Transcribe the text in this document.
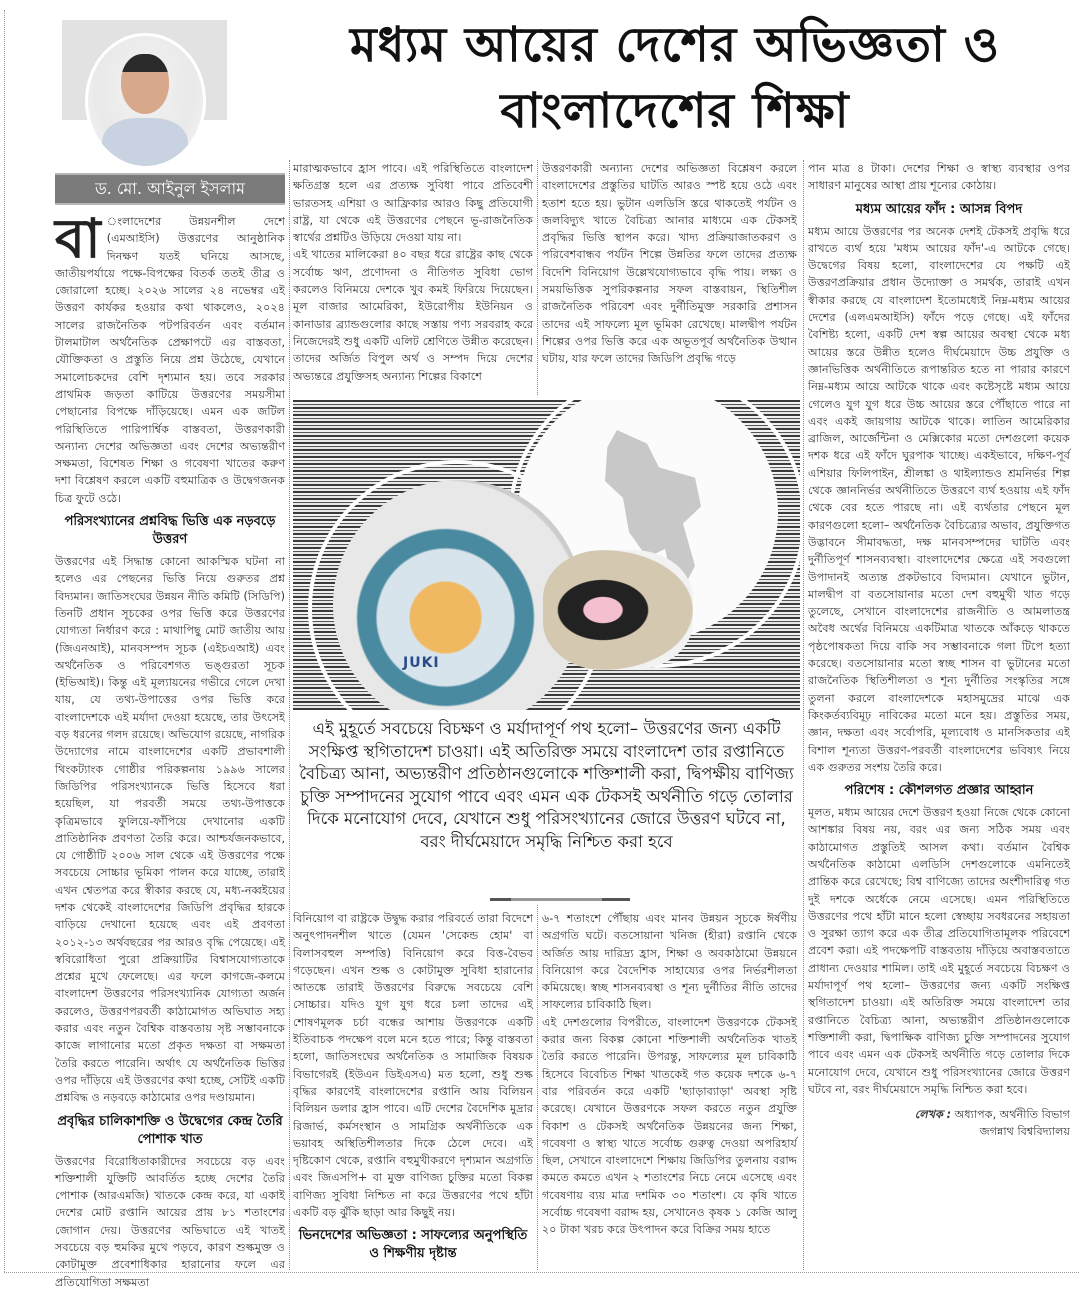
মধ্যম আয়ের দেশের অভিজ্ঞতা ও
বাংলাদেশের শিক্ষা
ড. মো. আইনুল ইসলাম

বা ংলাদেশের উন্নয়নশীল দেশে (এমআইসি) উত্তরণের আনুষ্ঠানিক দিনক্ষণ যতই ঘনিয়ে আসছে, জাতীয়পর্যায়ে পক্ষে-বিপক্ষের বিতর্ক ততই তীব্র ও জোরালো হচ্ছে। ২০২৬ সালের ২৪ নভেম্বর এই উত্তরণ কার্যকর হওয়ার কথা থাকলেও, ২০২৪ সালের রাজনৈতিক পটপরিবর্তন এবং বর্তমান টালমাটাল অর্থনৈতিক প্রেক্ষাপটে এর বাস্তবতা, যৌক্তিকতা ও প্রস্তুতি নিয়ে প্রশ্ন উঠেছে, যেখানে সমালোচকদের বেশি দৃশ্যমান হয়। তবে সরকার প্রাথমিক জড়তা কাটিয়ে উত্তরণের সময়সীমা পেছানোর বিপক্ষে দাঁড়িয়েছে। এমন এক জটিল পরিস্থিতিতে পারিপার্শ্বিক বাস্তবতা, উত্তরণকারী অন্যান্য দেশের অভিজ্ঞতা এবং দেশের অভ্যন্তরীণ সক্ষমতা, বিশেষত শিক্ষা ও গবেষণা খাতের করুণ দশা বিশ্লেষণ করলে একটি বহুমাত্রিক ও উদ্বেগজনক চিত্র ফুটে ওঠে।

পরিসংখ্যানের প্রশ্নবিদ্ধ ভিত্তি এক নড়বড়ে উত্তরণ

উত্তরণের এই সিদ্ধান্ত কোনো আকস্মিক ঘটনা না হলেও এর পেছনের ভিত্তি নিয়ে গুরুতর প্রশ্ন বিদ্যমান। জাতিসংঘের উন্নয়ন নীতি কমিটি (সিডিপি) তিনটি প্রধান সূচকের ওপর ভিত্তি করে উত্তরণের যোগ্যতা নির্ধারণ করে : মাথাপিছু মোট জাতীয় আয় (জিএনআই), মানবসম্পদ সূচক (এইচএআই) এবং অর্থনৈতিক ও পরিবেশগত ভঙ্গুরতা সূচক (ইভিআই)। কিন্তু এই মূল্যায়নের গভীরে গেলে দেখা যায়, যে তথ্য-উপাত্তের ওপর ভিত্তি করে বাংলাদেশকে এই মর্যাদা দেওয়া হয়েছে, তার উৎসেই বড় ধরনের গলদ রয়েছে। অভিযোগ রয়েছে, নাগরিক উদ্যোগের নামে বাংলাদেশের একটি প্রভাবশালী থিংকট্যাংক গোষ্ঠীর পরিকল্পনায় ১৯৯৬ সালের জিডিপির পরিসংখ্যানকে ভিত্তি হিসেবে ধরা হয়েছিল, যা পরবর্তী সময়ে তথ্য-উপাত্তকে কৃত্রিমভাবে ফুলিয়ে-ফাঁপিয়ে দেখানোর একটি প্রাতিষ্ঠানিক প্রবণতা তৈরি করে। আশ্চর্যজনকভাবে, যে গোষ্ঠীটি ২০০৬ সাল থেকে এই উত্তরণের পক্ষে সবচেয়ে সোচ্চার ভূমিকা পালন করে যাচ্ছে, তারাই এখন শ্বেতপত্র করে স্বীকার করছে যে, মধ্য-নব্বইয়ের দশক থেকেই বাংলাদেশের জিডিপি প্রবৃদ্ধির হারকে বাড়িয়ে দেখানো হয়েছে এবং এই প্রবণতা ২০১২-১৩ অর্থবছরের পর আরও বৃদ্ধি পেয়েছে। এই স্ববিরোধিতা পুরো প্রক্রিয়াটির বিশ্বাসযোগ্যতাকে প্রশ্নের মুখে ফেলেছে। এর ফলে কাগজে-কলমে বাংলাদেশ উত্তরণের পরিসংখ্যানিক যোগ্যতা অর্জন করলেও, উত্তরণপরবর্তী কাঠামোগত অভিঘাত সহ্য করার এবং নতুন বৈশ্বিক বাস্তবতায় সৃষ্ট সম্ভাবনাকে কাজে লাগানোর মতো প্রকৃত দক্ষতা বা সক্ষমতা তৈরি করতে পারেনি। অর্থাৎ যে অর্থনৈতিক ভিত্তির ওপর দাঁড়িয়ে এই উত্তরণের কথা হচ্ছে, সেটিই একটি প্রশ্নবিদ্ধ ও নড়বড়ে কাঠামোর ওপর দণ্ডায়মান।

প্রবৃদ্ধির চালিকাশক্তি ও উদ্বেগের কেন্দ্র তৈরি পোশাক খাত

উত্তরণের বিরোধিতাকারীদের সবচেয়ে বড় এবং শক্তিশালী যুক্তিটি আবর্তিত হচ্ছে দেশের তৈরি পোশাক (আরএমজি) খাতকে কেন্দ্র করে, যা একাই দেশের মোট রপ্তানি আয়ের প্রায় ৮১ শতাংশের জোগান দেয়। উত্তরণের অভিঘাতে এই খাতই সবচেয়ে বড় হুমকির মুখে পড়বে, কারণ শুল্কমুক্ত ও কোটামুক্ত প্রবেশাধিকার হারানোর ফলে এর প্রতিযোগিতা সক্ষমতা

মারাত্মকভাবে হ্রাস পাবে। এই পরিস্থিতিতে বাংলাদেশ ক্ষতিগ্রস্ত হলে এর প্রত্যক্ষ সুবিধা পাবে প্রতিবেশী ভারতসহ এশিয়া ও আফ্রিকার আরও কিছু প্রতিযোগী রাষ্ট্র, যা থেকে এই উত্তরণের পেছনে ভূ-রাজনৈতিক স্বার্থের প্রশ্নটিও উড়িয়ে দেওয়া যায় না।

এই খাতের মালিকেরা ৪০ বছর ধরে রাষ্ট্রের কাছ থেকে সর্বোচ্চ ঋণ, প্রণোদনা ও নীতিগত সুবিধা ভোগ করলেও বিনিময়ে দেশকে খুব কমই ফিরিয়ে দিয়েছেন। মূল বাজার আমেরিকা, ইউরোপীয় ইউনিয়ন ও কানাডার ব্র্যান্ডগুলোর কাছে সস্তায় পণ্য সরবরাহ করে নিজেদেরই শুধু একটি এলিট শ্রেণিতে উন্নীত করেছেন। তাদের অর্জিত বিপুল অর্থ ও সম্পদ দিয়ে দেশের অভ্যন্তরে প্রযুক্তিসহ অন্যান্য শিল্পের বিকাশে

উত্তরণকারী অন্যান্য দেশের অভিজ্ঞতা বিশ্লেষণ করলে বাংলাদেশের প্রস্তুতির ঘাটতি আরও স্পষ্ট হয়ে ওঠে এবং হতাশ হতে হয়। ভুটান এলডিসি স্তরে থাকতেই পর্যটন ও জলবিদ্যুৎ খাতে বৈচিত্র্য আনার মাধ্যমে এক টেকসই প্রবৃদ্ধির ভিত্তি স্থাপন করে। খাদ্য প্রক্রিয়াজাতকরণ ও পরিবেশবান্ধব পর্যটন শিল্পে উন্নতির ফলে তাদের প্রত্যক্ষ বিদেশি বিনিয়োগ উল্লেখযোগ্যভাবে বৃদ্ধি পায়। লক্ষ্য ও সময়ভিত্তিক সুপরিকল্পনার সফল বাস্তবায়ন, স্থিতিশীল রাজনৈতিক পরিবেশ এবং দুর্নীতিমুক্ত সরকারি প্রশাসন তাদের এই সাফল্যে মূল ভূমিকা রেখেছে। মালদ্বীপ পর্যটন শিল্পের ওপর ভিত্তি করে এক অভূতপূর্ব অর্থনৈতিক উত্থান ঘটায়, যার ফলে তাদের জিডিপি প্রবৃদ্ধি গড়ে

JUKI
এই মুহূর্তে সবচেয়ে বিচক্ষণ ও মর্যাদাপূর্ণ পথ হলো– উত্তরণের জন্য একটি সংক্ষিপ্ত স্থগিতাদেশ চাওয়া। এই অতিরিক্ত সময়ে বাংলাদেশ তার রপ্তানিতে বৈচিত্র্য আনা, অভ্যন্তরীণ প্রতিষ্ঠানগুলোকে শক্তিশালী করা, দ্বিপক্ষীয় বাণিজ্য চুক্তি সম্পাদনের সুযোগ পাবে এবং এমন এক টেকসই অর্থনীতি গড়ে তোলার দিকে মনোযোগ দেবে, যেখানে শুধু পরিসংখ্যানের জোরে উত্তরণ ঘটবে না, বরং দীর্ঘমেয়াদে সমৃদ্ধি নিশ্চিত করা হবে

বিনিয়োগ বা রাষ্ট্রকে উদ্বুদ্ধ করার পরিবর্তে তারা বিদেশে অনুৎপাদনশীল খাতে (যেমন 'সেকেন্ড হোম' বা বিলাসবহুল সম্পত্তি) বিনিয়োগ করে বিত্ত-বৈভব গড়েছেন। এখন শুল্ক ও কোটামুক্ত সুবিধা হারানোর আতঙ্কে তারাই উত্তরণের বিরুদ্ধে সবচেয়ে বেশি সোচ্চার। যদিও যুগ যুগ ধরে চলা তাদের এই শোষণমূলক চর্চা বন্ধের আশায় উত্তরণকে একটি ইতিবাচক পদক্ষেপ বলে মনে হতে পারে; কিন্তু বাস্তবতা হলো, জাতিসংঘের অর্থনৈতিক ও সামাজিক বিষয়ক বিভাগেরই (ইউএন ডিইএসএ) মত হলো, শুধু শুল্ক বৃদ্ধির কারণেই বাংলাদেশের রপ্তানি আয় বিলিয়ন বিলিয়ন ডলার হ্রাস পাবে। এটি দেশের বৈদেশিক মুদ্রার রিজার্ভ, কর্মসংস্থান ও সামগ্রিক অর্থনীতিকে এক ভয়াবহ অস্থিতিশীলতার দিকে ঠেলে দেবে। এই দৃষ্টিকোণ থেকে, রপ্তানি বহুমুখীকরণে দৃশ্যমান অগ্রগতি এবং জিএসপি+ বা মুক্ত বাণিজ্য চুক্তির মতো বিকল্প বাণিজ্য সুবিধা নিশ্চিত না করে উত্তরণের পথে হাঁটা একটি বড় ঝুঁকি ছাড়া আর কিছুই নয়।

ভিনদেশের অভিজ্ঞতা : সাফল্যের অনুপস্থিতি ও শিক্ষণীয় দৃষ্টান্ত

৬-৭ শতাংশে পৌঁছায় এবং মানব উন্নয়ন সূচকে ঈর্ষণীয় অগ্রগতি ঘটে। বতসোয়ানা খনিজ (হীরা) রপ্তানি থেকে অর্জিত আয় দারিদ্র্য হ্রাস, শিক্ষা ও অবকাঠামো উন্নয়নে বিনিয়োগ করে বৈদেশিক সাহায্যের ওপর নির্ভরশীলতা কমিয়েছে। স্বচ্ছ শাসনব্যবস্থা ও শূন্য দুর্নীতির নীতি তাদের সাফল্যের চাবিকাঠি ছিল।

এই দেশগুলোর বিপরীতে, বাংলাদেশ উত্তরণকে টেকসই করার জন্য বিকল্প কোনো শক্তিশালী অর্থনৈতিক খাতই তৈরি করতে পারেনি। উপরন্তু, সাফল্যের মূল চাবিকাঠি হিসেবে বিবেচিত শিক্ষা খাতকেই গত কয়েক দশকে ৬-৭ বার পরিবর্তন করে একটি 'ছ্যাড়াব্যাড়া' অবস্থা সৃষ্টি করেছে। যেখানে উত্তরণকে সফল করতে নতুন প্রযুক্তি বিকাশ ও টেকসই অর্থনৈতিক উন্নয়নের জন্য শিক্ষা, গবেষণা ও স্বাস্থ্য খাতে সর্বোচ্চ গুরুত্ব দেওয়া অপরিহার্য ছিল, সেখানে বাংলাদেশে শিক্ষায় জিডিপির তুলনায় বরাদ্দ কমতে কমতে এখন ২ শতাংশের নিচে নেমে এসেছে এবং গবেষণায় ব্যয় মাত্র দশমিক ৩০ শতাংশ। যে কৃষি খাতে সর্বোচ্চ গবেষণা বরাদ্দ হয়, সেখানেও কৃষক ১ কেজি আলু ২০ টাকা খরচ করে উৎপাদন করে বিক্রির সময় হাতে

পান মাত্র ৪ টাকা। দেশের শিক্ষা ও স্বাস্থ্য ব্যবস্থার ওপর সাধারণ মানুষের আস্থা প্রায় শূন্যের কোঠায়।

মধ্যম আয়ের ফাঁদ : আসন্ন বিপদ

মধ্যম আয়ে উত্তরণের পর অনেক দেশই টেকসই প্রবৃদ্ধি ধরে রাখতে ব্যর্থ হয়ে 'মধ্যম আয়ের ফাঁদ'-এ আটকে গেছে। উদ্বেগের বিষয় হলো, বাংলাদেশের যে পক্ষটি এই উত্তরণপ্রক্রিয়ার প্রধান উদ্যোক্তা ও সমর্থক, তারাই এখন স্বীকার করছে যে বাংলাদেশ ইতোমধ্যেই নিম্ন-মধ্যম আয়ের দেশের (এলএমআইসি) ফাঁদে পড়ে গেছে। এই ফাঁদের বৈশিষ্ট্য হলো, একটি দেশ স্বল্প আয়ের অবস্থা থেকে মধ্য আয়ের স্তরে উন্নীত হলেও দীর্ঘমেয়াদে উচ্চ প্রযুক্তি ও জ্ঞানভিত্তিক অর্থনীতিতে রূপান্তরিত হতে না পারার কারণে নিম্ন-মধ্যম আয়ে আটকে থাকে এবং কষ্টেসৃষ্টে মধ্যম আয়ে গেলেও যুগ যুগ ধরে উচ্চ আয়ের স্তরে পৌঁছাতে পারে না এবং একই জায়গায় আটকে থাকে। লাতিন আমেরিকার ব্রাজিল, আর্জেন্টিনা ও মেক্সিকোর মতো দেশগুলো কয়েক দশক ধরে এই ফাঁদে ঘুরপাক খাচ্ছে। একইভাবে, দক্ষিণ-পূর্ব এশিয়ার ফিলিপাইন, শ্রীলঙ্কা ও থাইল্যান্ডও শ্রমনির্ভর শিল্প থেকে জ্ঞাননির্ভর অর্থনীতিতে উত্তরণে ব্যর্থ হওয়ায় এই ফাঁদ থেকে বের হতে পারছে না। এই ব্যর্থতার পেছনে মূল কারণগুলো হলো– অর্থনৈতিক বৈচিত্র্যের অভাব, প্রযুক্তিগত উদ্ভাবনে সীমাবদ্ধতা, দক্ষ মানবসম্পদের ঘাটতি এবং দুর্নীতিপূর্ণ শাসনব্যবস্থা। বাংলাদেশের ক্ষেত্রে এই সবগুলো উপাদানই অত্যন্ত প্রকটভাবে বিদ্যমান। যেখানে ভুটান, মালদ্বীপ বা বতসোয়ানার মতো দেশ বহুমুখী খাত গড়ে তুলেছে, সেখানে বাংলাদেশের রাজনীতি ও আমলাতন্ত্র অবৈধ অর্থের বিনিময়ে একটিমাত্র খাতকে আঁকড়ে থাকতে পৃষ্ঠপোষকতা দিয়ে বাকি সব সম্ভাবনাকে গলা টিপে হত্যা করেছে। বতসোয়ানার মতো স্বচ্ছ শাসন বা ভুটানের মতো রাজনৈতিক স্থিতিশীলতা ও শূন্য দুর্নীতির সংস্কৃতির সঙ্গে তুলনা করলে বাংলাদেশকে মহাসমুদ্রের মাঝে এক কিংকর্তব্যবিমূঢ় নাবিকের মতো মনে হয়। প্রস্তুতির সময়, জ্ঞান, দক্ষতা এবং সর্বোপরি, মূল্যবোধ ও মানসিকতার এই বিশাল শূন্যতা উত্তরণ-পরবর্তী বাংলাদেশের ভবিষ্যৎ নিয়ে এক গুরুতর সংশয় তৈরি করে।

পরিশেষ : কৌশলগত প্রজ্ঞার আহ্বান

মূলত, মধ্যম আয়ের দেশে উত্তরণ হওয়া নিজে থেকে কোনো আশঙ্কার বিষয় নয়, বরং এর জন্য সঠিক সময় এবং কাঠামোগত প্রস্তুতিই আসল কথা। বর্তমান বৈশ্বিক অর্থনৈতিক কাঠামো এলডিসি দেশগুলোকে এমনিতেই প্রান্তিক করে রেখেছে; বিশ্ব বাণিজ্যে তাদের অংশীদারিত্ব গত দুই দশকে অর্ধেকে নেমে এসেছে। এমন পরিস্থিতিতে উত্তরণের পথে হাঁটা মানে হলো স্বেচ্ছায় সবধরনের সহায়তা ও সুরক্ষা ত্যাগ করে এক তীব্র প্রতিযোগিতামূলক পরিবেশে প্রবেশ করা। এই পদক্ষেপটি বাস্তবতায় দাঁড়িয়ে অবাস্তবতাতে প্রাধান্য দেওয়ার শামিল। তাই এই মুহূর্তে সবচেয়ে বিচক্ষণ ও মর্যাদাপূর্ণ পথ হলো– উত্তরণের জন্য একটি সংক্ষিপ্ত স্থগিতাদেশ চাওয়া। এই অতিরিক্ত সময়ে বাংলাদেশ তার রপ্তানিতে বৈচিত্র্য আনা, অভ্যন্তরীণ প্রতিষ্ঠানগুলোকে শক্তিশালী করা, দ্বিপাক্ষিক বাণিজ্য চুক্তি সম্পাদনের সুযোগ পাবে এবং এমন এক টেকসই অর্থনীতি গড়ে তোলার দিকে মনোযোগ দেবে, যেখানে শুধু পরিসংখ্যানের জোরে উত্তরণ ঘটবে না, বরং দীর্ঘমেয়াদে সমৃদ্ধি নিশ্চিত করা হবে।

লেখক : অধ্যাপক, অর্থনীতি বিভাগ
জগন্নাথ বিশ্ববিদ্যালয়
